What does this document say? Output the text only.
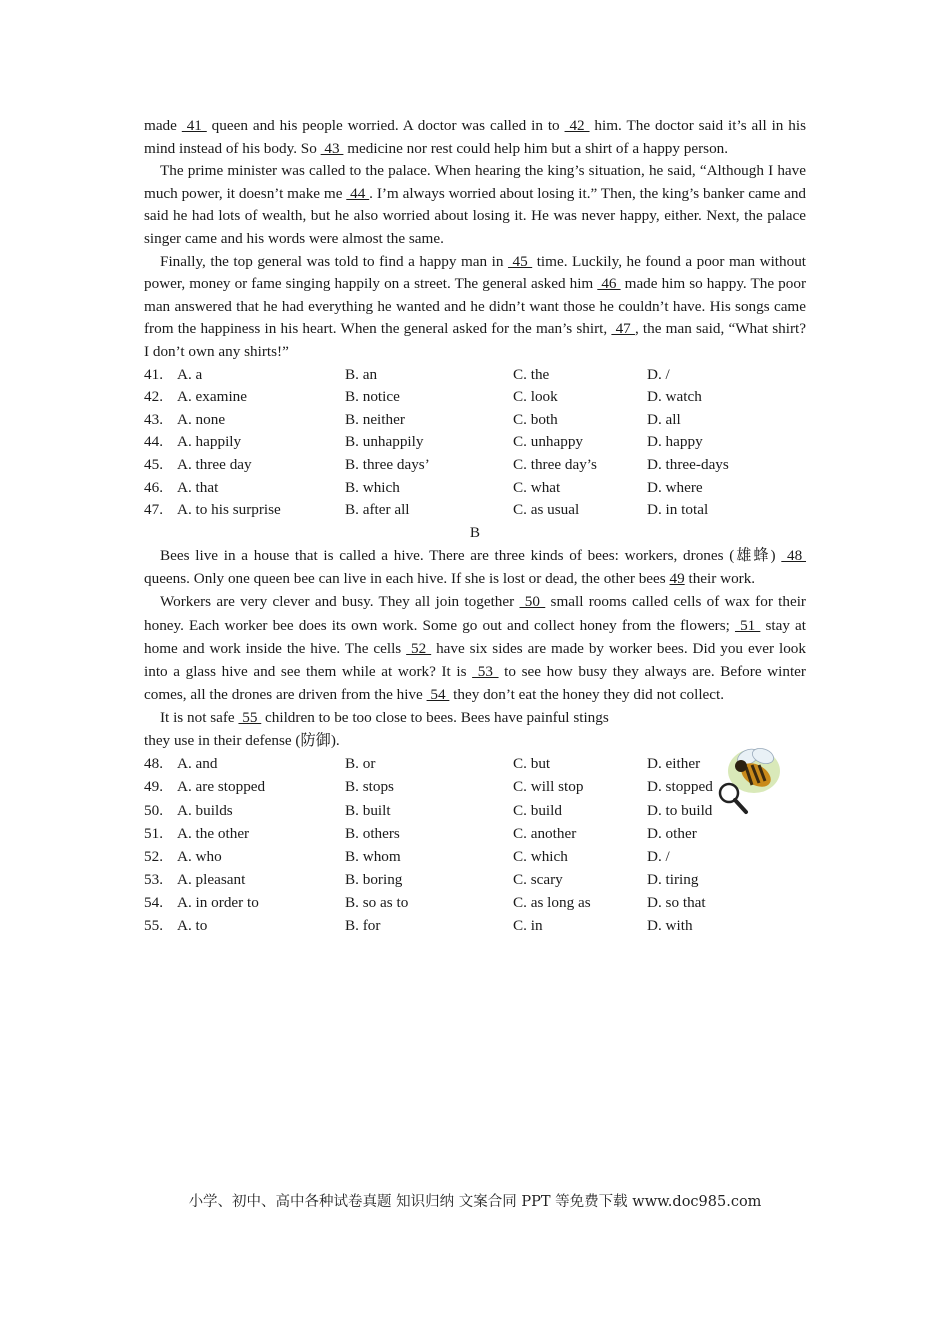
made  41  queen and his people worried. A doctor was called in to  42  him. The doctor said it’s all in his mind instead of his body. So  43  medicine nor rest could help him but a shirt of a happy person.

The prime minister was called to the palace. When hearing the king’s situation, he said, “Although I have much power, it doesn’t make me  44 . I’m always worried about losing it.” Then, the king’s banker came and said he had lots of wealth, but he also worried about losing it. He was never happy, either. Next, the palace singer came and his words were almost the same.

Finally, the top general was told to find a happy man in  45  time. Luckily, he found a poor man without power, money or fame singing happily on a street. The general asked him  46  made him so happy. The poor man answered that he had everything he wanted and he didn’t want those he couldn’t have. His songs came from the happiness in his heart. When the general asked for the man’s shirt,  47 , the man said, “What shirt? I don’t own any shirts!”

41. A. a	B. an	C. the	D. /
42. A. examine	B. notice	C. look	D. watch
43. A. none	B. neither	C. both	D. all
44. A. happily	B. unhappily	C. unhappy	D. happy
45. A. three day	B. three days’	C. three day’s	D. three-days
46. A. that	B. which	C. what	D. where
47. A. to his surprise	B. after all	C. as usual	D. in total

B

Bees live in a house that is called a hive. There are three kinds of bees: workers, drones (雄蜂)  48  queens. Only one queen bee can live in each hive. If she is lost or dead, the other bees 49 their work.

Workers are very clever and busy. They all join together  50  small rooms called cells of wax for their honey. Each worker bee does its own work. Some go out and collect honey from the flowers;  51  stay at home and work inside the hive. The cells  52  have six sides are made by worker bees. Did you ever look into a glass hive and see them while at work? It is  53  to see how busy they always are. Before winter comes, all the drones are driven from the hive  54  they don’t eat the honey they did not collect.

It is not safe  55  children to be too close to bees. Bees have painful stings

they use in their defense (防御).

48. A. and	B. or	C. but	D. either
49. A. are stopped	B. stops	C. will stop	D. stopped
50. A. builds	B. built	C. build	D. to build
51. A. the other	B. others	C. another	D. other
52. A. who	B. whom	C. which	D. /
53. A. pleasant	B. boring	C. scary	D. tiring
54. A. in order to	B. so as to	C. as long as	D. so that
55. A. to	B. for	C. in	D. with
小学、初中、高中各种试卷真题 知识归纳 文案合同 PPT 等免费下载 www.doc985.com
